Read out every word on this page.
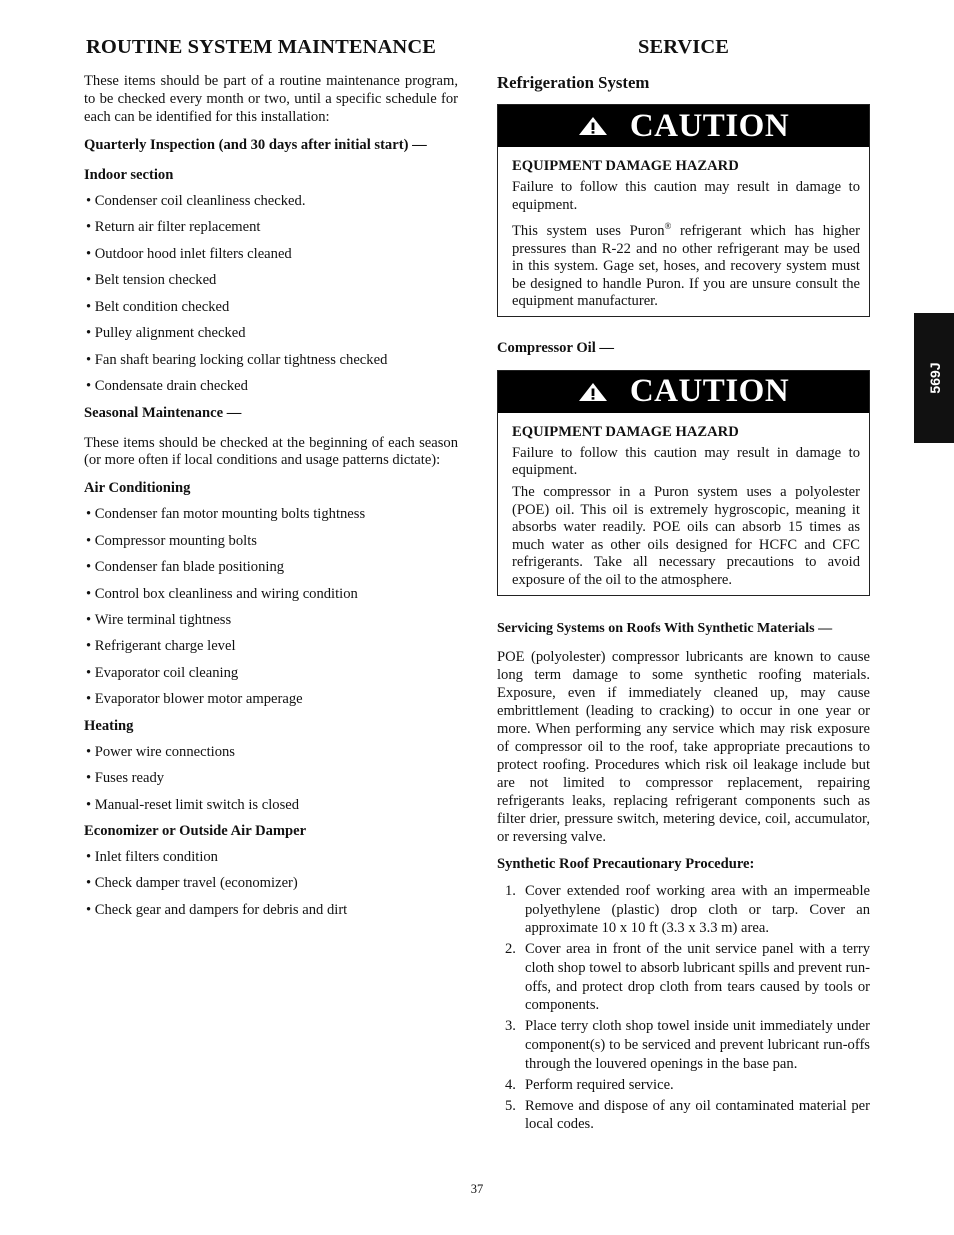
ROUTINE SYSTEM MAINTENANCE

These items should be part of a routine maintenance program, to be checked every month or two, until a specific schedule for each can be identified for this installation:

Quarterly Inspection (and 30 days after initial start) —
Indoor section
• Condenser coil cleanliness checked.
• Return air filter replacement
• Outdoor hood inlet filters cleaned
• Belt tension checked
• Belt condition checked
• Pulley alignment checked
• Fan shaft bearing locking collar tightness checked
• Condensate drain checked
Seasonal Maintenance —

These items should be checked at the beginning of each season (or more often if local conditions and usage patterns dictate):

Air Conditioning
• Condenser fan motor mounting bolts tightness
• Compressor mounting bolts
• Condenser fan blade positioning
• Control box cleanliness and wiring condition
• Wire terminal tightness
• Refrigerant charge level
• Evaporator coil cleaning
• Evaporator blower motor amperage
Heating
• Power wire connections
• Fuses ready
• Manual-reset limit switch is closed
Economizer or Outside Air Damper
• Inlet filters condition
• Check damper travel (economizer)
• Check gear and dampers for debris and dirt
SERVICE
Refrigeration System
CAUTION
EQUIPMENT DAMAGE HAZARD

Failure to follow this caution may result in damage to equipment.

This system uses Puron® refrigerant which has higher pressures than R-22 and no other refrigerant may be used in this system. Gage set, hoses, and recovery system must be designed to handle Puron. If you are unsure consult the equipment manufacturer.

Compressor Oil —
CAUTION
EQUIPMENT DAMAGE HAZARD

Failure to follow this caution may result in damage to equipment.

The compressor in a Puron system uses a polyolester (POE) oil. This oil is extremely hygroscopic, meaning it absorbs water readily. POE oils can absorb 15 times as much water as other oils designed for HCFC and CFC refrigerants. Take all necessary precautions to avoid exposure of the oil to the atmosphere.

Servicing Systems on Roofs With Synthetic Materials —

POE (polyolester) compressor lubricants are known to cause long term damage to some synthetic roofing materials. Exposure, even if immediately cleaned up, may cause embrittlement (leading to cracking) to occur in one year or more. When performing any service which may risk exposure of compressor oil to the roof, take appropriate precautions to protect roofing. Procedures which risk oil leakage include but are not limited to compressor replacement, repairing refrigerants leaks, replacing refrigerant components such as filter drier, pressure switch, metering device, coil, accumulator, or reversing valve.

Synthetic Roof Precautionary Procedure:
1. Cover extended roof working area with an impermeable polyethylene (plastic) drop cloth or tarp. Cover an approximate 10 x 10 ft (3.3 x 3.3 m) area.
2. Cover area in front of the unit service panel with a terry cloth shop towel to absorb lubricant spills and prevent run-offs, and protect drop cloth from tears caused by tools or components.
3. Place terry cloth shop towel inside unit immediately under component(s) to be serviced and prevent lubricant run-offs through the louvered openings in the base pan.
4. Perform required service.
5. Remove and dispose of any oil contaminated material per local codes.
569J
37
